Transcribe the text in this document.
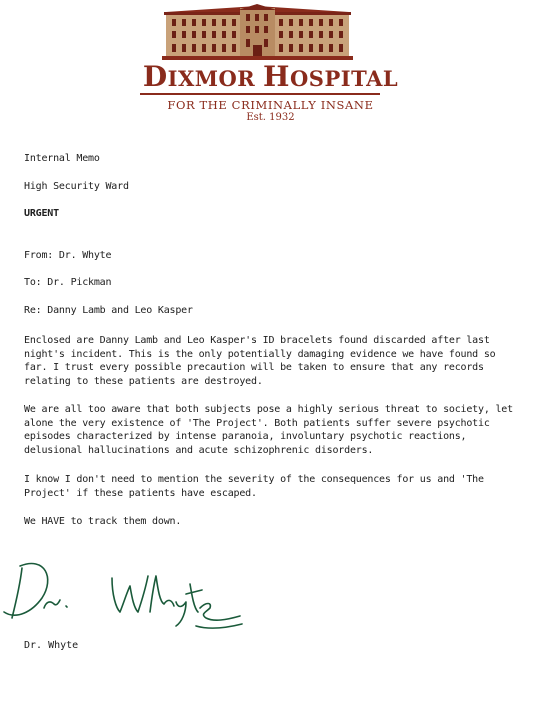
DIXMOR HOSPITAL
FOR THE CRIMINALLY INSANE
Est. 1932
Internal Memo
High Security Ward
URGENT
From: Dr. Whyte
To: Dr. Pickman
Re: Danny Lamb and Leo Kasper
Enclosed are Danny Lamb and Leo Kasper's ID bracelets found discarded after last night's incident. This is the only potentially damaging evidence we have found so far. I trust every possible precaution will be taken to ensure that any records relating to these patients are destroyed.
We are all too aware that both subjects pose a highly serious threat to society, let alone the very existence of 'The Project'. Both patients suffer severe psychotic episodes characterized by intense paranoia, involuntary psychotic reactions, delusional hallucinations and acute schizophrenic disorders.
I know I don't need to mention the severity of the consequences for us and 'The Project' if these patients have escaped.
We HAVE to track them down.
Dr. Whyte
